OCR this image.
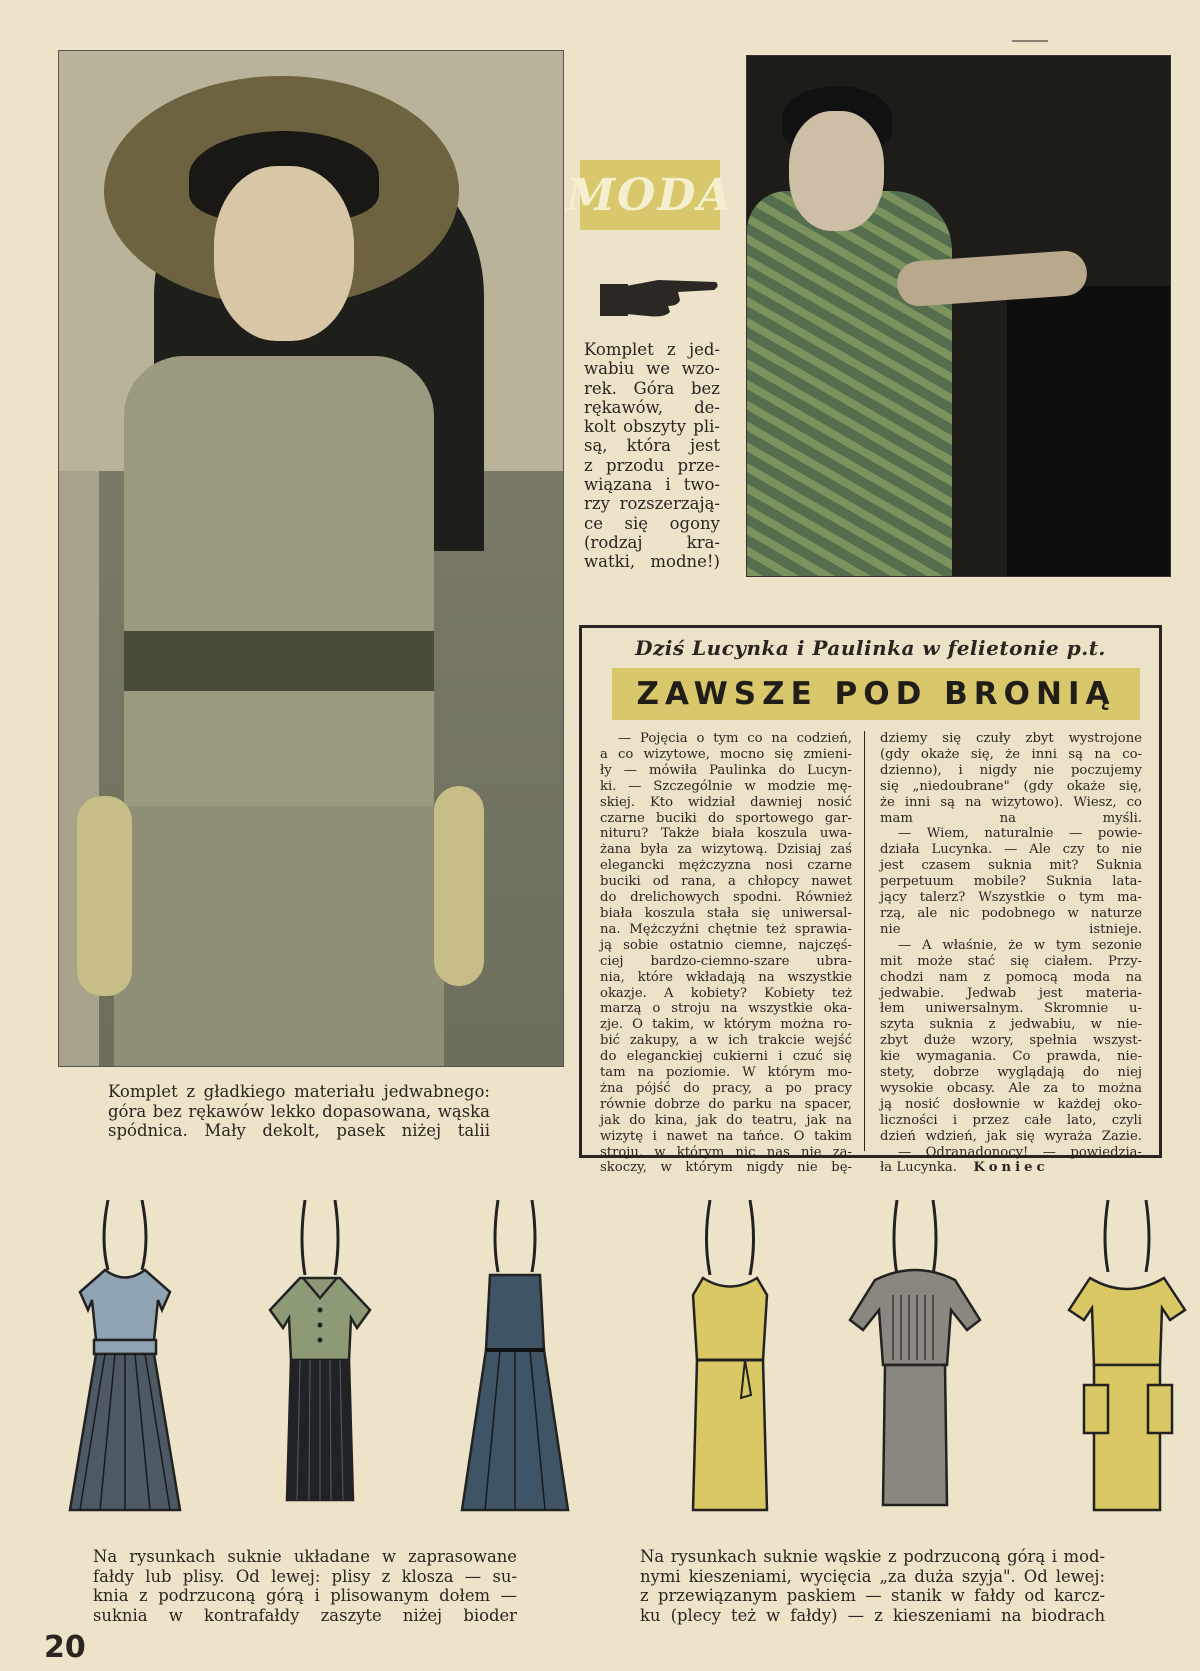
MODA
Komplet z jed-
wabiu we wzo-
rek. Góra bez
rękawów, de-
kolt obszyty pli-
są, która jest
z przodu prze-
wiązana i two-
rzy rozszerzają-
ce się ogony
(rodzaj kra-
watki, modne!)
Dziś Lucynka i Paulinka w felietonie p.t.
ZAWSZE POD BRONIĄ
— Pojęcia o tym co na codzień,
a co wizytowe, mocno się zmieni-
ły — mówiła Paulinka do Lucyn-
ki. — Szczególnie w modzie mę-
skiej. Kto widział dawniej nosić
czarne buciki do sportowego gar-
nituru? Także biała koszula uwa-
żana była za wizytową. Dzisiaj zaś
elegancki mężczyzna nosi czarne
buciki od rana, a chłopcy nawet
do drelichowych spodni. Również
biała koszula stała się uniwersal-
na. Mężczyźni chętnie też sprawia-
ją sobie ostatnio ciemne, najczęś-
ciej bardzo-ciemno-szare ubra-
nia, które wkładają na wszystkie
okazje. A kobiety? Kobiety też
marzą o stroju na wszystkie oka-
zje. O takim, w którym można ro-
bić zakupy, a w ich trakcie wejść
do eleganckiej cukierni i czuć się
tam na poziomie. W którym mo-
żna pójść do pracy, a po pracy
równie dobrze do parku na spacer,
jak do kina, jak do teatru, jak na
wizytę i nawet na tańce. O takim
stroju, w którym nic nas nie za-
skoczy, w którym nigdy nie bę-
dziemy się czuły zbyt wystrojone
(gdy okaże się, że inni są na co-
dzienno), i nigdy nie poczujemy
się „niedoubrane" (gdy okaże się,
że inni są na wizytowo). Wiesz, co
mam na myśli.
— Wiem, naturalnie — powie-
działa Lucynka. — Ale czy to nie
jest czasem suknia mit? Suknia
perpetuum mobile? Suknia lata-
jący talerz? Wszystkie o tym ma-
rzą, ale nic podobnego w naturze
nie istnieje.
— A właśnie, że w tym sezonie
mit może stać się ciałem. Przy-
chodzi nam z pomocą moda na
jedwabie. Jedwab jest materia-
łem uniwersalnym. Skromnie u-
szyta suknia z jedwabiu, w nie-
zbyt duże wzory, spełnia wszyst-
kie wymagania. Co prawda, nie-
stety, dobrze wyglądają do niej
wysokie obcasy. Ale za to można
ją nosić dosłownie w każdej oko-
liczności i przez całe lato, czyli
dzień wdzień, jak się wyraża Zazie.
— Odranadonocy! — powiedzia-
ła Lucynka. Koniec
Komplet z gładkiego materiału jedwabnego:
góra bez rękawów lekko dopasowana, wąska
spódnica. Mały dekolt, pasek niżej talii
Na rysunkach suknie układane w zaprasowane
fałdy lub plisy. Od lewej: plisy z klosza — su-
knia z podrzuconą górą i plisowanym dołem —
suknia w kontrafałdy zaszyte niżej bioder
Na rysunkach suknie wąskie z podrzuconą górą i mod-
nymi kieszeniami, wycięcia „za duża szyja". Od lewej:
z przewiązanym paskiem — stanik w fałdy od karcz-
ku (plecy też w fałdy) — z kieszeniami na biodrach
20
